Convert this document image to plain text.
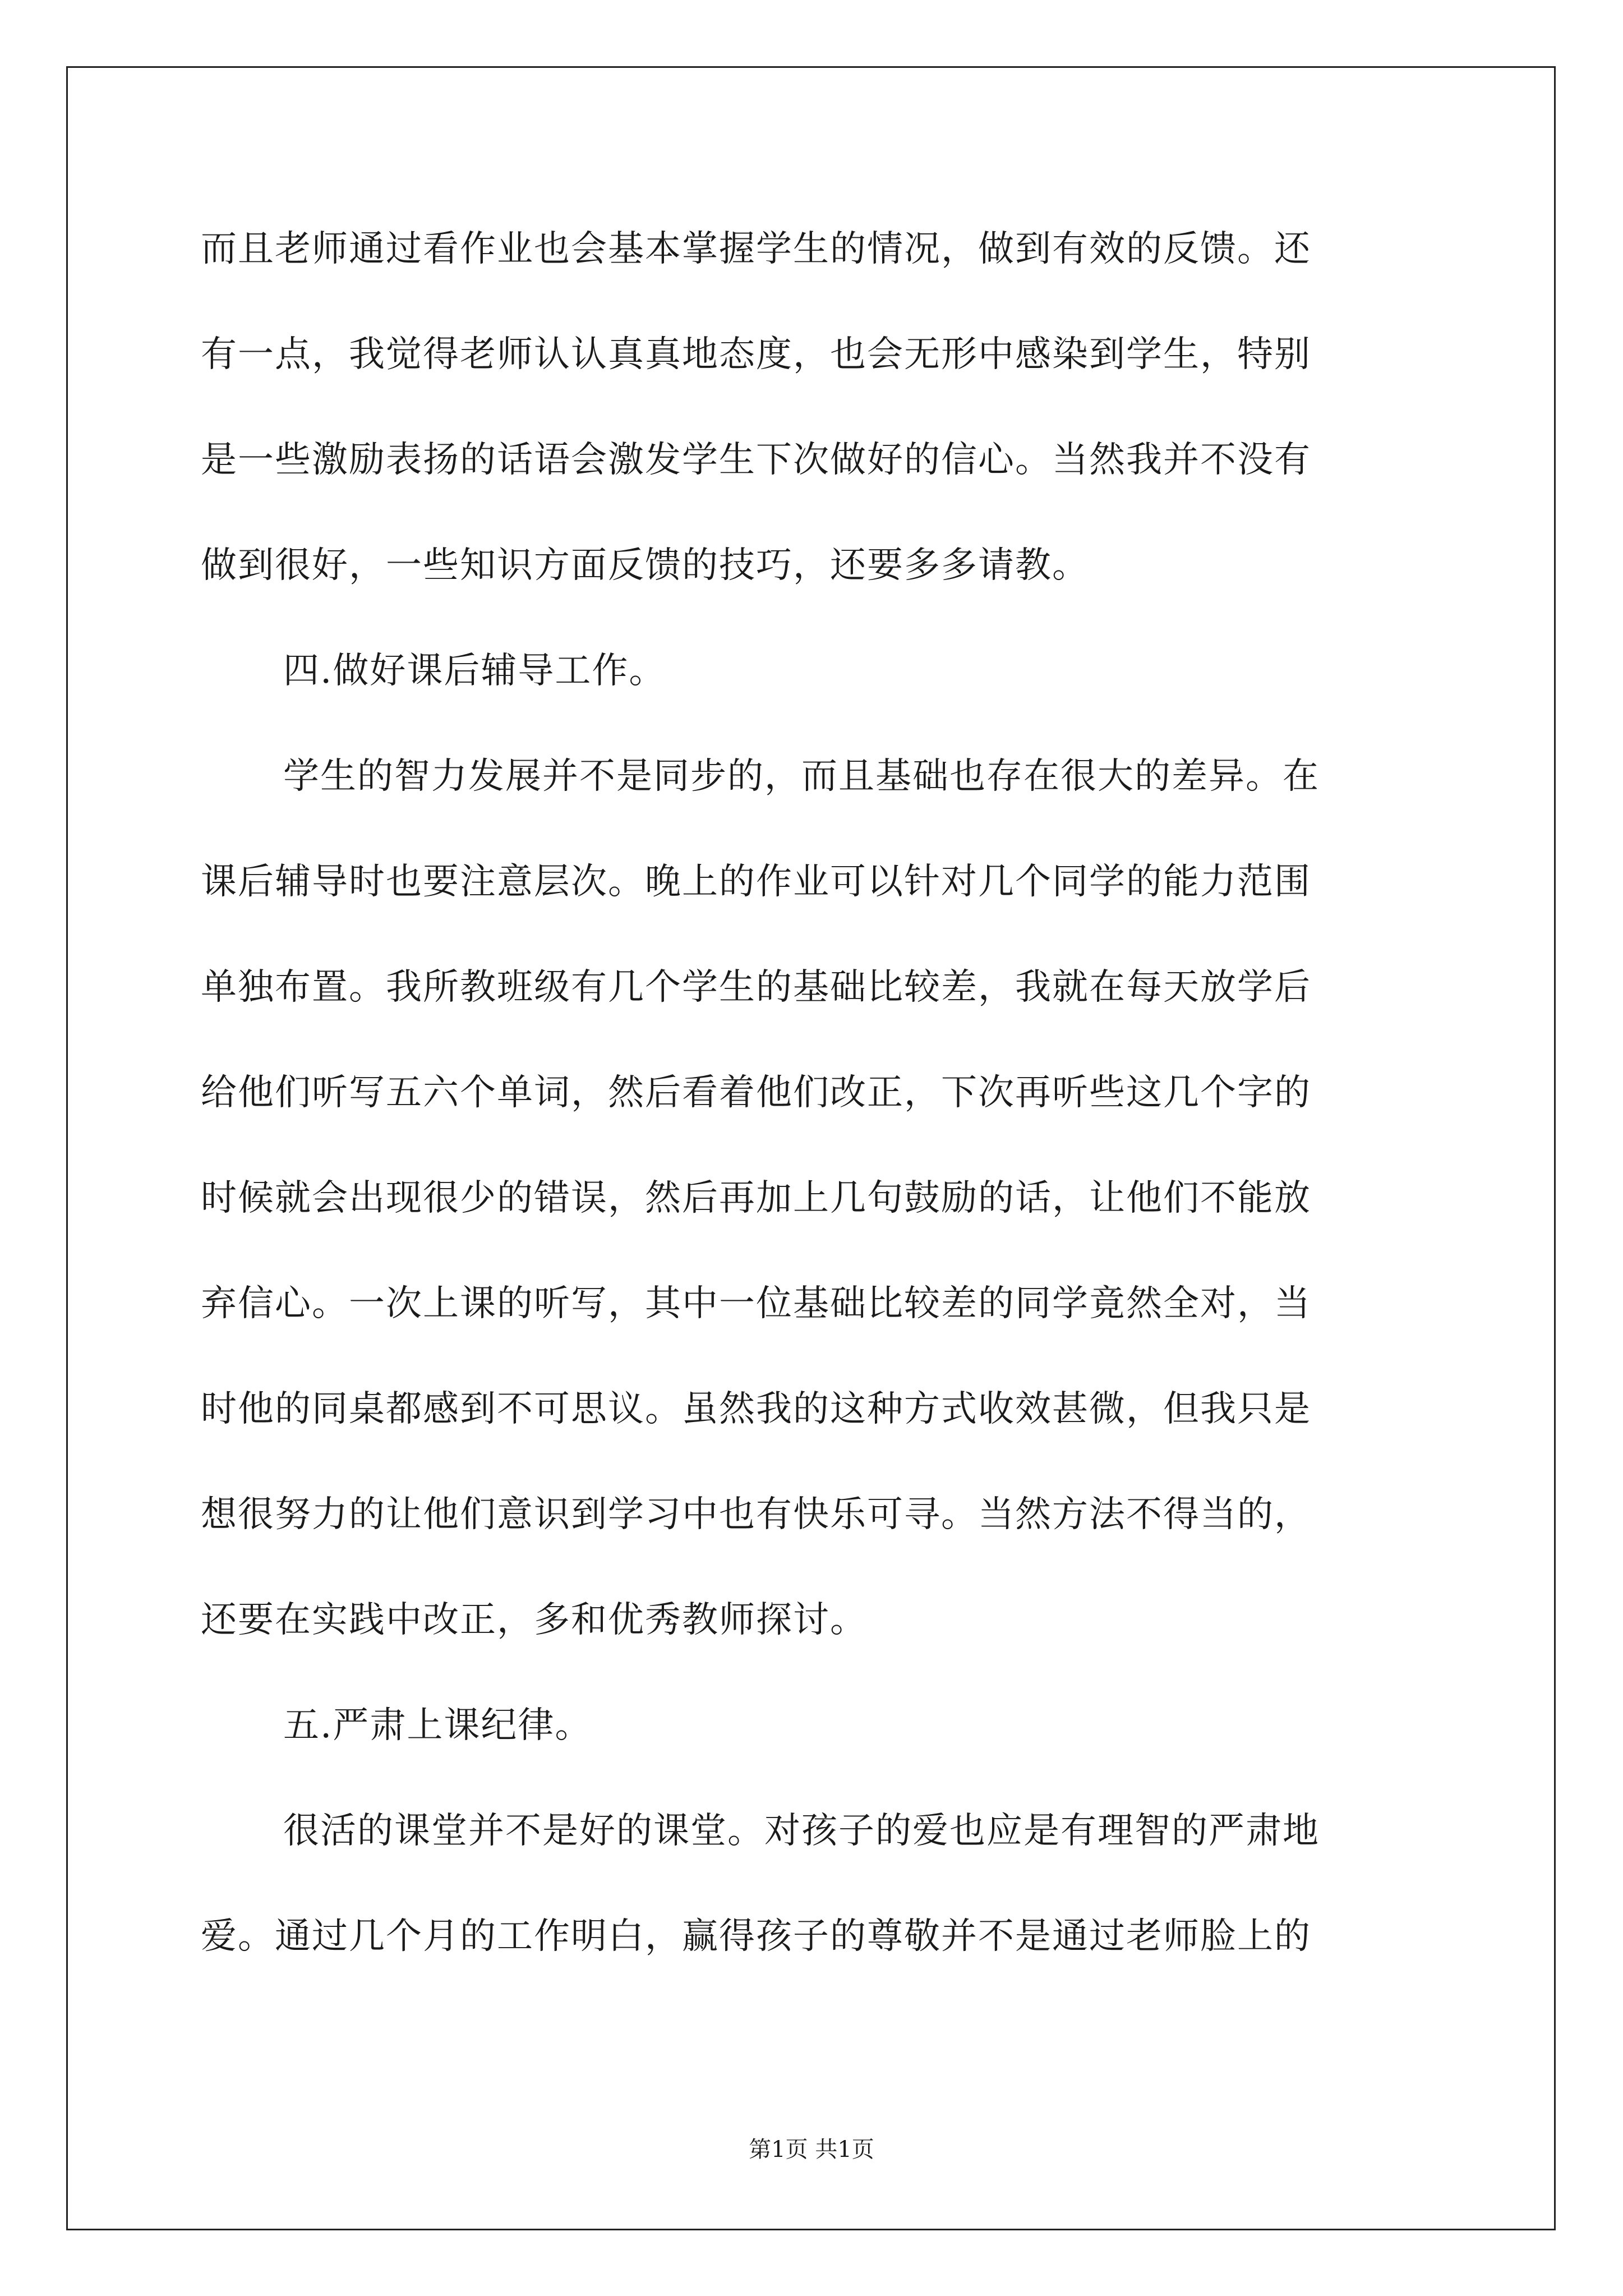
而且老师通过看作业也会基本掌握学生的情况，做到有效的反馈。还
有一点，我觉得老师认认真真地态度，也会无形中感染到学生，特别
是一些激励表扬的话语会激发学生下次做好的信心。当然我并不没有
做到很好，一些知识方面反馈的技巧，还要多多请教。
四.做好课后辅导工作。
学生的智力发展并不是同步的，而且基础也存在很大的差异。在
课后辅导时也要注意层次。晚上的作业可以针对几个同学的能力范围
单独布置。我所教班级有几个学生的基础比较差，我就在每天放学后
给他们听写五六个单词，然后看着他们改正，下次再听些这几个字的
时候就会出现很少的错误，然后再加上几句鼓励的话，让他们不能放
弃信心。一次上课的听写，其中一位基础比较差的同学竟然全对，当
时他的同桌都感到不可思议。虽然我的这种方式收效甚微，但我只是
想很努力的让他们意识到学习中也有快乐可寻。当然方法不得当的，
还要在实践中改正，多和优秀教师探讨。
五.严肃上课纪律。
很活的课堂并不是好的课堂。对孩子的爱也应是有理智的严肃地
爱。通过几个月的工作明白，赢得孩子的尊敬并不是通过老师脸上的
第1页 共1页
